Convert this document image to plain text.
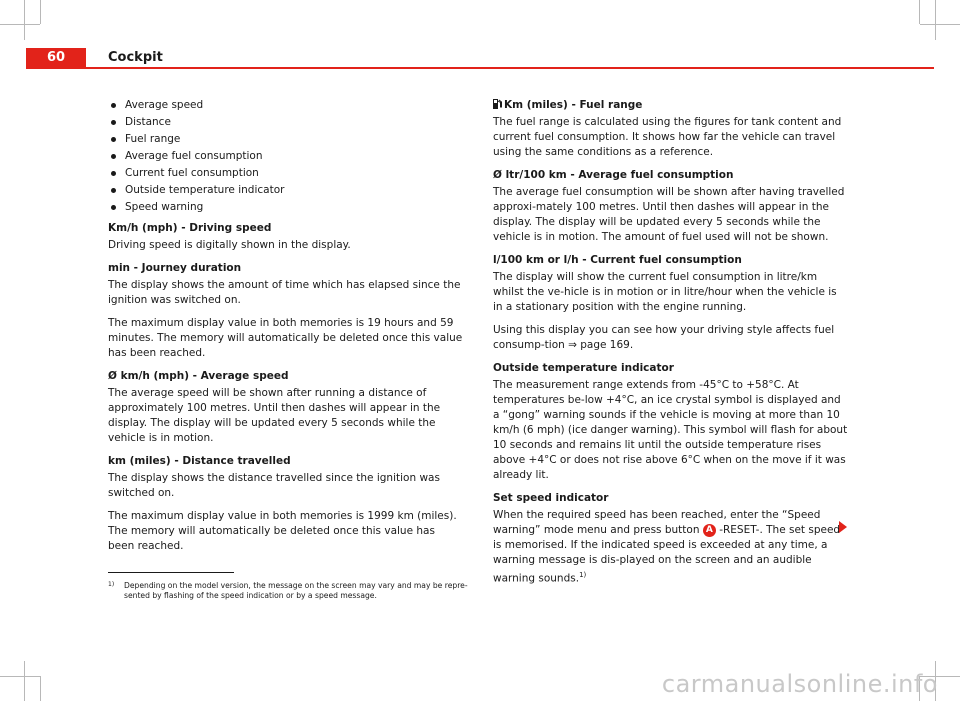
60	Cockpit
Average speed
Distance
Fuel range
Average fuel consumption
Current fuel consumption
Outside temperature indicator
Speed warning
Km/h (mph) - Driving speed

Driving speed is digitally shown in the display.

min - Journey duration

The display shows the amount of time which has elapsed since the ignition was switched on.

The maximum display value in both memories is 19 hours and 59 minutes. The memory will automatically be deleted once this value has been reached.

Ø km/h (mph) - Average speed

The average speed will be shown after running a distance of approximately 100 metres. Until then dashes will appear in the display. The display will be updated every 5 seconds while the vehicle is in motion.

km (miles) - Distance travelled

The display shows the distance travelled since the ignition was switched on.

The maximum display value in both memories is 1999 km (miles). The memory will automatically be deleted once this value has been reached.

Km (miles) - Fuel range

The fuel range is calculated using the figures for tank content and current fuel consumption. It shows how far the vehicle can travel using the same conditions as a reference.

Ø ltr/100 km - Average fuel consumption

The average fuel consumption will be shown after having travelled approxi-mately 100 metres. Until then dashes will appear in the display. The display will be updated every 5 seconds while the vehicle is in motion. The amount of fuel used will not be shown.

l/100 km or l/h - Current fuel consumption

The display will show the current fuel consumption in litre/km whilst the ve-hicle is in motion or in litre/hour when the vehicle is in a stationary position with the engine running.

Using this display you can see how your driving style affects fuel consump-tion ⇒ page 169.

Outside temperature indicator

The measurement range extends from -45°C to +58°C. At temperatures be-low +4°C, an ice crystal symbol is displayed and a “gong” warning sounds if the vehicle is moving at more than 10 km/h (6 mph) (ice danger warning). This symbol will flash for about 10 seconds and remains lit until the outside temperature rises above +4°C or does not rise above 6°C when on the move if it was already lit.

Set speed indicator

When the required speed has been reached, enter the “Speed warning” mode menu and press button A -RESET-. The set speed is memorised. If the indicated speed is exceeded at any time, a warning message is dis-played on the screen and an audible warning sounds.$^{1)}$

1)	Depending on the model version, the message on the screen may vary and may be repre-sented by flashing of the speed indication or by a speed message.
carmanualsonline.info
